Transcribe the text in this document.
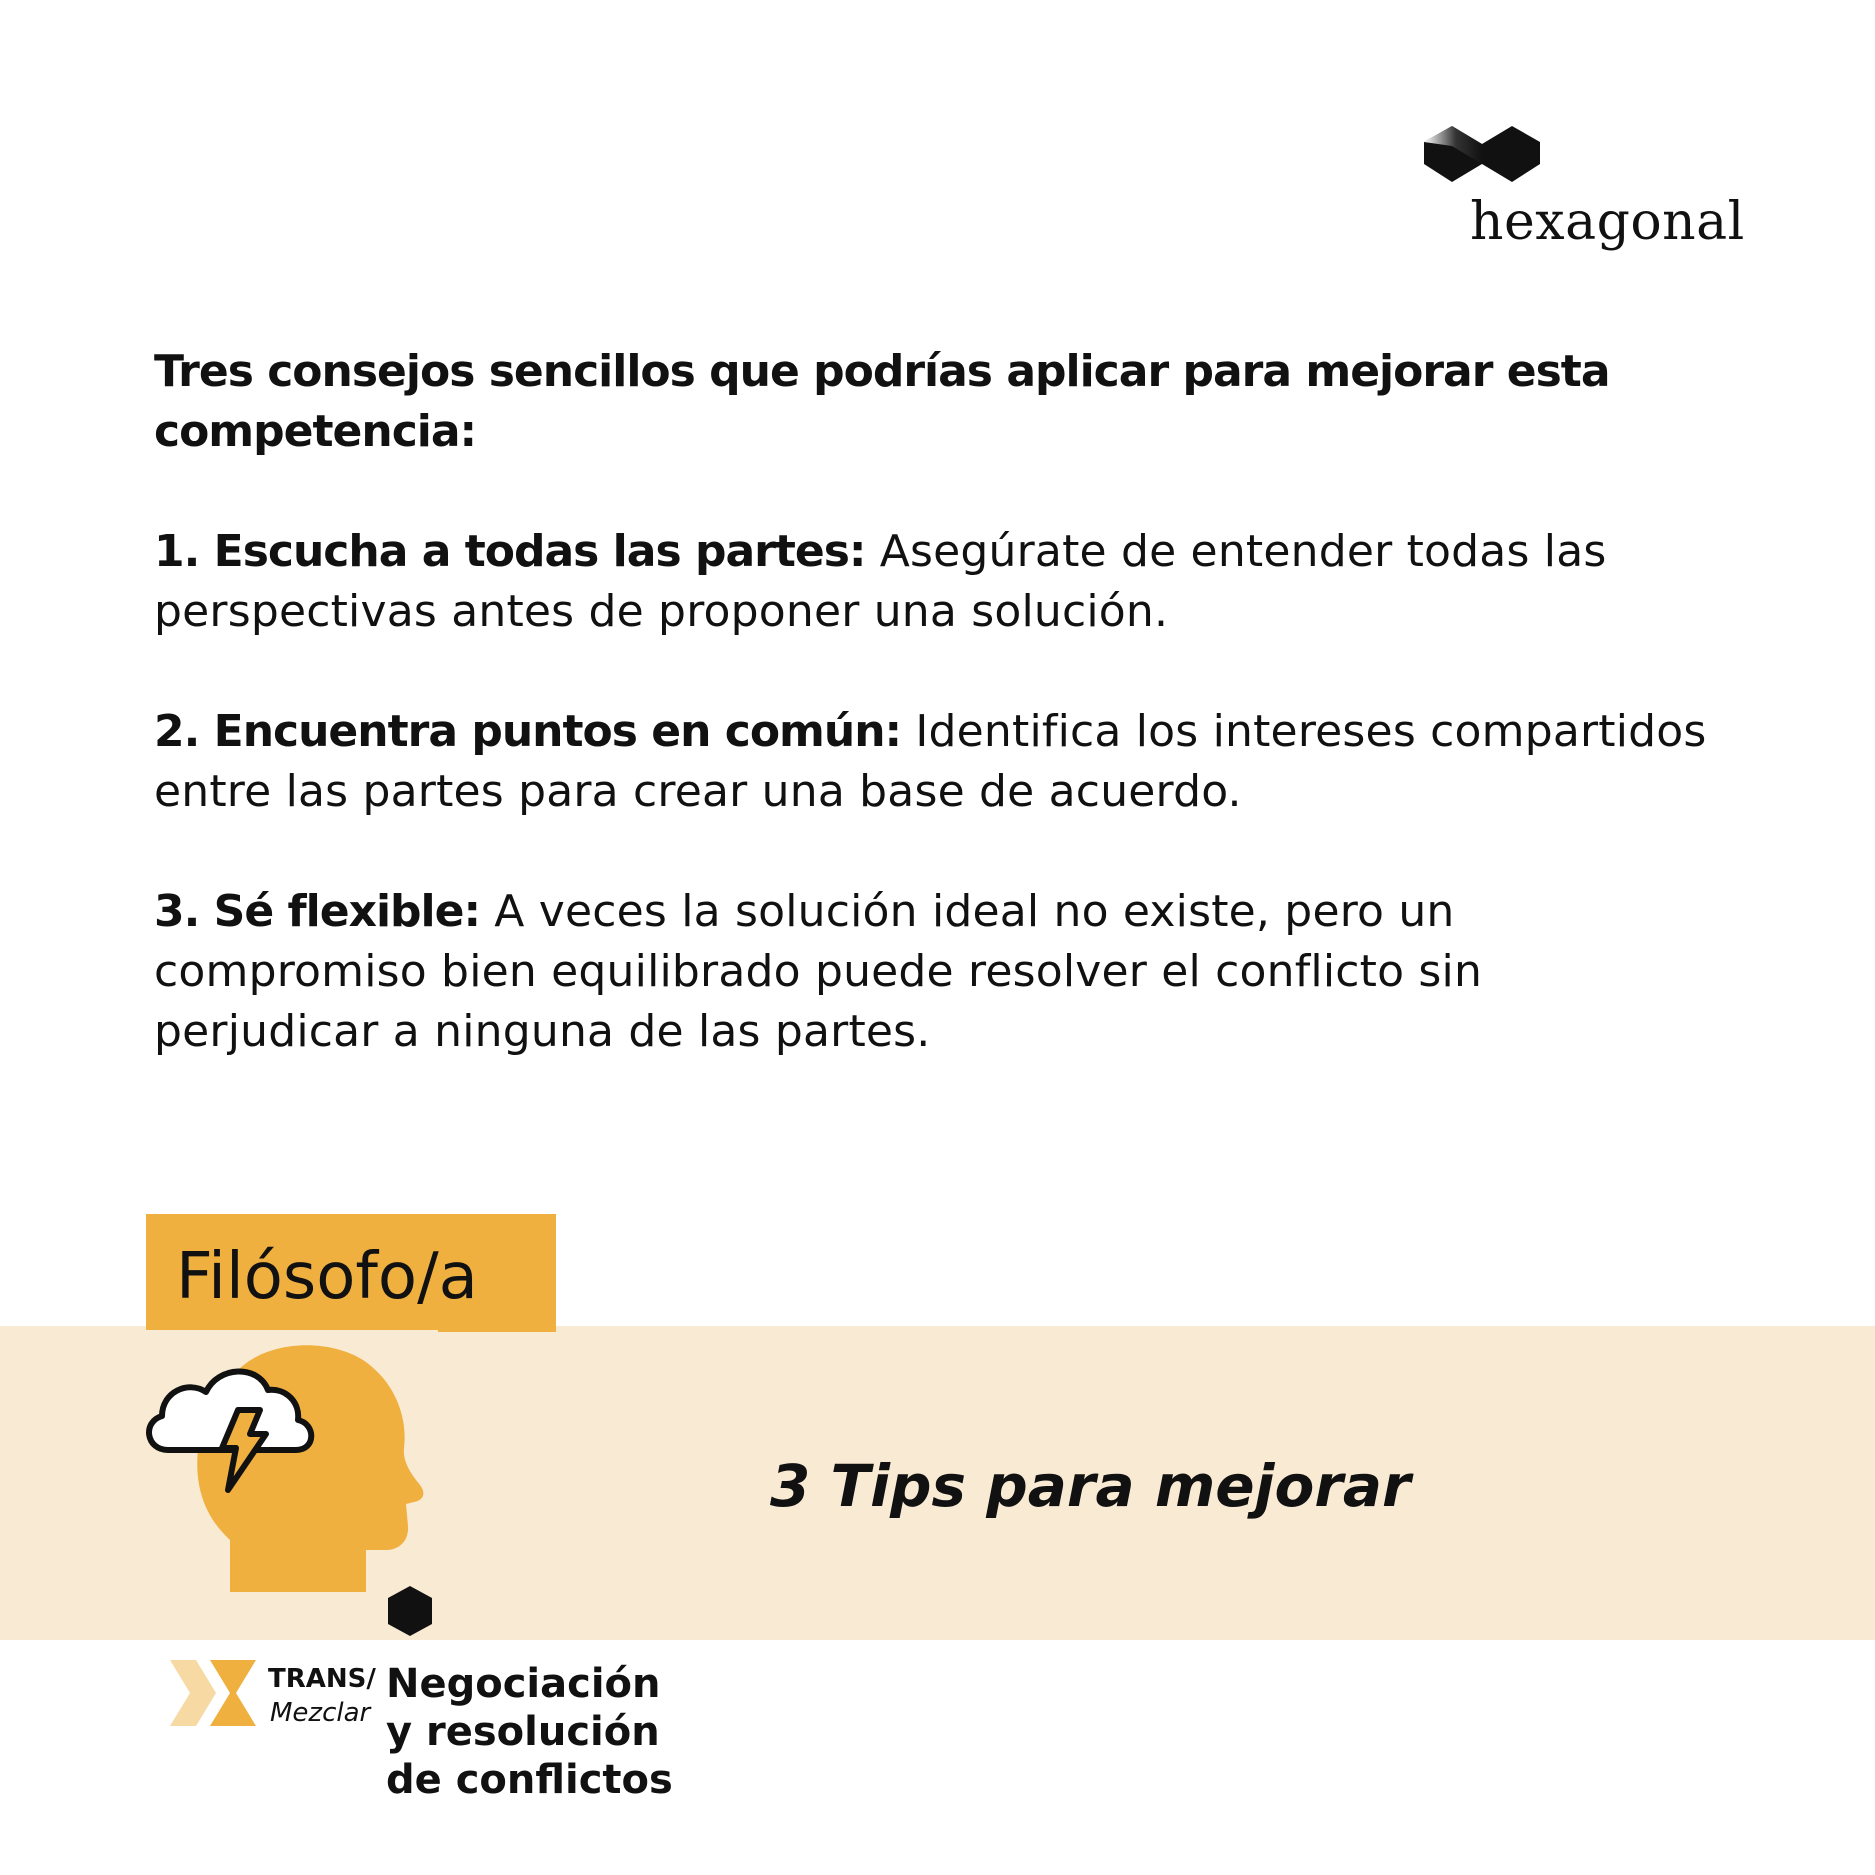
hexagonal
Tres consejos sencillos que podrías aplicar para mejorar esta competencia:
1. Escucha a todas las partes: Asegúrate de entender todas las perspectivas antes de proponer una solución.
2. Encuentra puntos en común: Identifica los intereses compartidos entre las partes para crear una base de acuerdo.
3. Sé flexible: A veces la solución ideal no existe, pero un compromiso bien equilibrado puede resolver el conflicto sin perjudicar a ninguna de las partes.
Filósofo/a
3 Tips para mejorar
TRANS/
Mezclar
Negociación
y resolución
de conflictos
